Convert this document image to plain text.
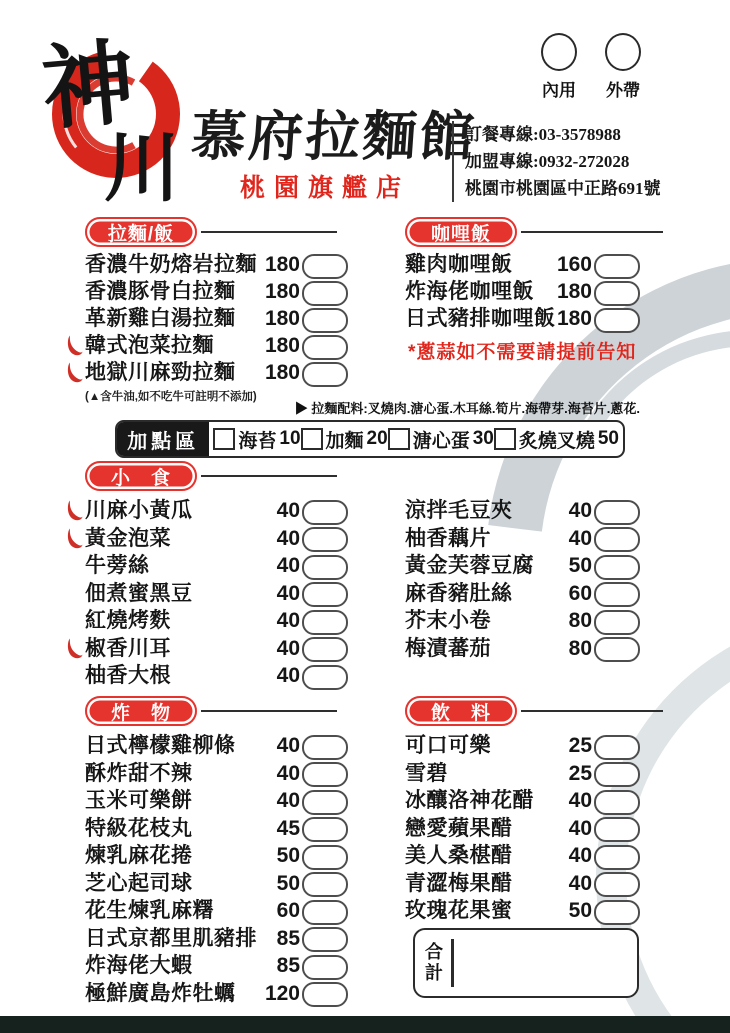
神
川 慕府拉麵館
桃園旗艦店
訂餐專線:03-3578988
加盟專線:0932-272028
桃園市桃園區中正路691號
內用 外帶
拉麵/飯
香濃牛奶熔岩拉麵 180
香濃豚骨白拉麵	180
革新雞白湯拉麵	180
韓式泡菜拉麵	180
地獄川麻勁拉麵	180
(▲含牛油,如不吃牛可註明不添加)
咖哩飯
雞肉咖哩飯	160
炸海佬咖哩飯	180
日式豬排咖哩飯 180
*蔥蒜如不需要請提前告知
▶ 拉麵配料:叉燒肉.溏心蛋.木耳絲.筍片.海帶芽.海苔片.蔥花.
加點區	海苔 10 加麵 20 溏心蛋 30 炙燒叉燒 50
小　食
川麻小黃瓜	40
黃金泡菜	40
牛蒡絲	40
佃煮蜜黑豆	40
紅燒烤麩	40
椒香川耳	40
柚香大根	40
涼拌毛豆夾	40
柚香藕片	40
黃金芙蓉豆腐	50
麻香豬肚絲	60
芥末小卷	80
梅漬蕃茄	80
炸　物
日式檸檬雞柳條	40
酥炸甜不辣	40
玉米可樂餅	40
特級花枝丸	45
煉乳麻花捲	50
芝心起司球	50
花生煉乳麻糬	60
日式京都里肌豬排 85
炸海佬大蝦	85
極鮮廣島炸牡蠣	120
飲　料
可口可樂	25
雪碧	25
冰釀洛神花醋	40
戀愛蘋果醋	40
美人桑椹醋	40
青澀梅果醋	40
玫瑰花果蜜	50
合計
